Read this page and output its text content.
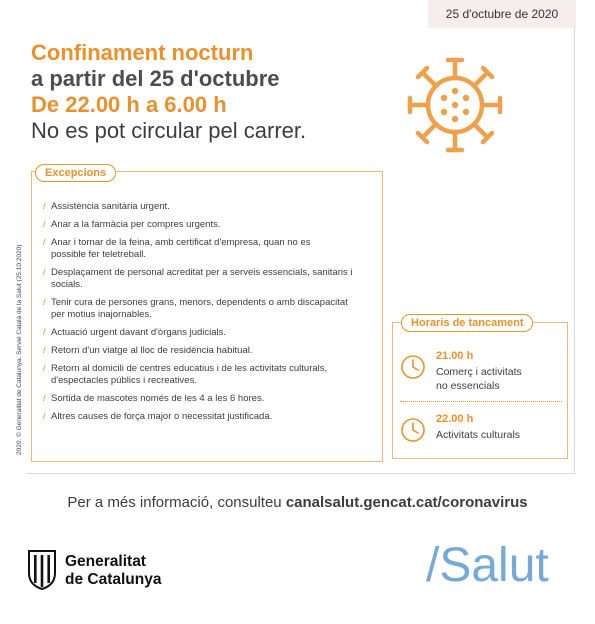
25 d'octubre de 2020
Confinament nocturn
a partir del 25 d'octubre
De 22.00 h a 6.00 h
No es pot circular pel carrer.
2020. © Generalitat de Catalunya. Servei Català de la Salut (25.10.2020)
Excepcions
/ Assistència sanitària urgent.
/ Anar a la farmàcia per compres urgents.
/ Anar i tornar de la feina, amb certificat d'empresa, quan no es possible fer teletreball.
/ Desplaçament de personal acreditat per a serveis essencials, sanitaris i socials.
/ Tenir cura de persones grans, menors, dependents o amb discapacitat per motius inajornables.
/ Actuació urgent davant d'òrgans judicials.
/ Retorn d'un viatge al lloc de residència habitual.
/ Retorn al domicili de centres educatius i de les activitats culturals, d'espectacles públics i recreatives.
/ Sortida de mascotes només de les 4 a les 6 hores.
/ Altres causes de força major o necessitat justificada.
Horaris de tancament
21.00 h
Comerç i activitats
no essencials
22.00 h
Activitats culturals
Per a més informació, consulteu canalsalut.gencat.cat/coronavirus
Generalitat
de Catalunya	/Salut
